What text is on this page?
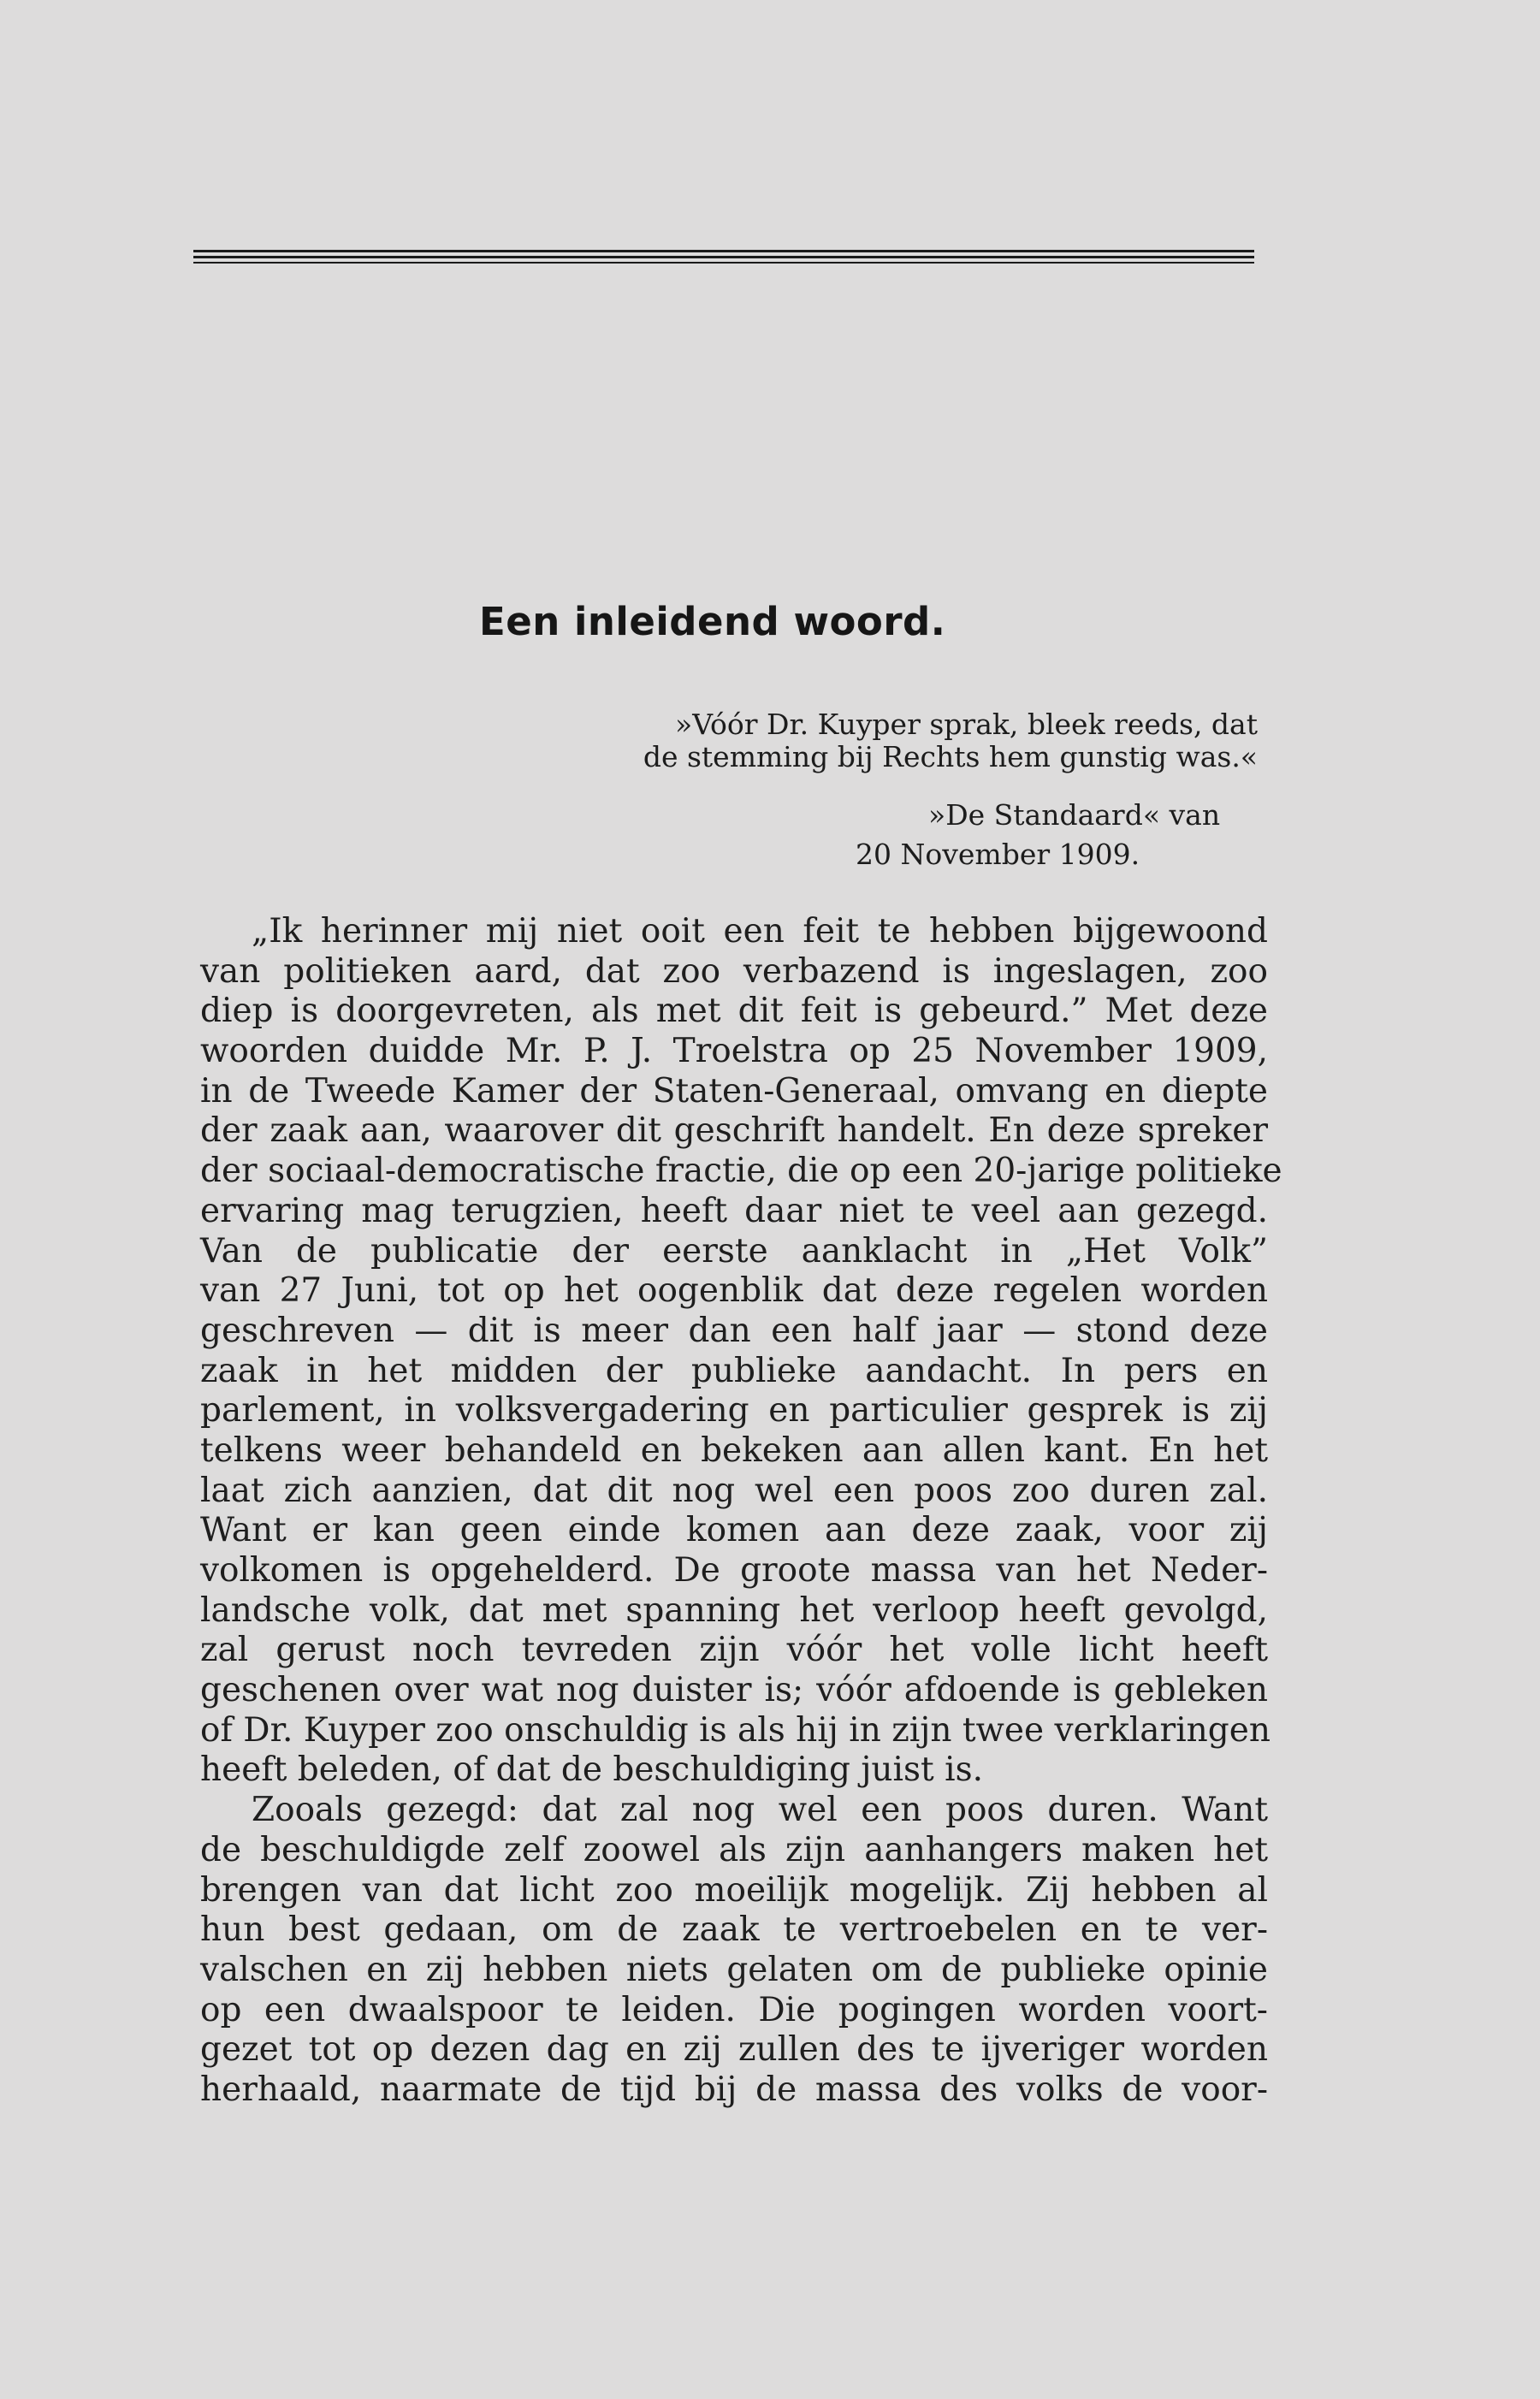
Een inleidend woord.
»Vóór Dr. Kuyper sprak, bleek reeds, dat
de stemming bij Rechts hem gunstig was.«
»De Standaard« van
20 November 1909.
„Ik herinner mij niet ooit een feit te hebben bijgewoond
van politieken aard, dat zoo verbazend is ingeslagen, zoo
diep is doorgevreten, als met dit feit is gebeurd.” Met deze
woorden duidde Mr. P. J. Troelstra op 25 November 1909,
in de Tweede Kamer der Staten-Generaal, omvang en diepte
der zaak aan, waarover dit geschrift handelt. En deze spreker
der sociaal-democratische fractie, die op een 20-jarige politieke
ervaring mag terugzien, heeft daar niet te veel aan gezegd.
Van de publicatie der eerste aanklacht in „Het Volk”
van 27 Juni, tot op het oogenblik dat deze regelen worden
geschreven — dit is meer dan een half jaar — stond deze
zaak in het midden der publieke aandacht. In pers en
parlement, in volksvergadering en particulier gesprek is zij
telkens weer behandeld en bekeken aan allen kant. En het
laat zich aanzien, dat dit nog wel een poos zoo duren zal.
Want er kan geen einde komen aan deze zaak, voor zij
volkomen is opgehelderd. De groote massa van het Neder-
landsche volk, dat met spanning het verloop heeft gevolgd,
zal gerust noch tevreden zijn vóór het volle licht heeft
geschenen over wat nog duister is; vóór afdoende is gebleken
of Dr. Kuyper zoo onschuldig is als hij in zijn twee verklaringen
heeft beleden, of dat de beschuldiging juist is.
Zooals gezegd: dat zal nog wel een poos duren. Want
de beschuldigde zelf zoowel als zijn aanhangers maken het
brengen van dat licht zoo moeilijk mogelijk. Zij hebben al
hun best gedaan, om de zaak te vertroebelen en te ver-
valschen en zij hebben niets gelaten om de publieke opinie
op een dwaalspoor te leiden. Die pogingen worden voort-
gezet tot op dezen dag en zij zullen des te ijveriger worden
herhaald, naarmate de tijd bij de massa des volks de voor-
